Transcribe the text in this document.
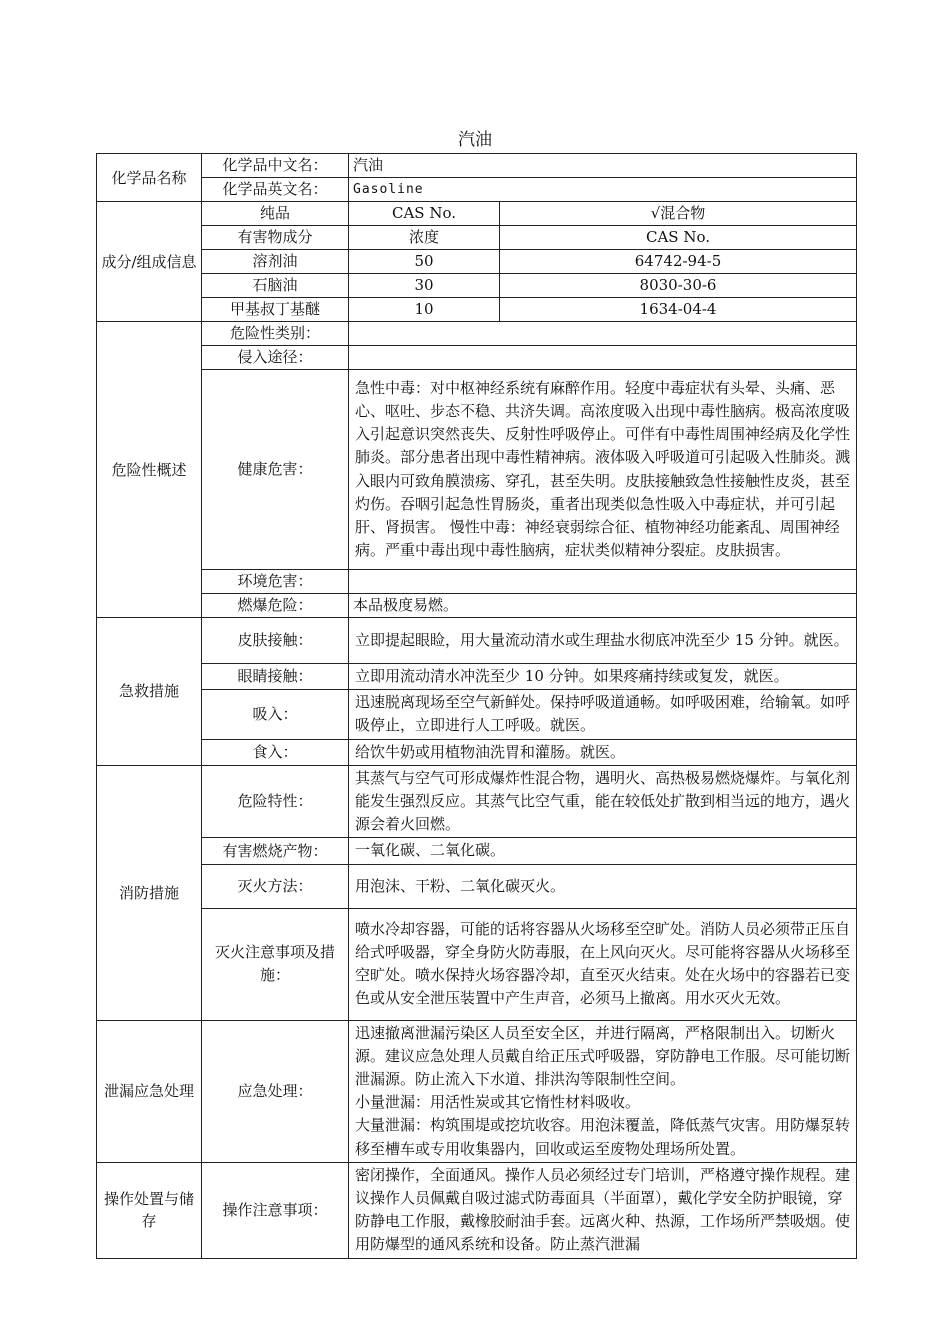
汽油
化学品名称	化学品中文名：	汽油	
	化学品英文名：	Gasoline	
成分/组成信息	纯品	CAS No.	√混合物
	有害物成分	浓度	CAS No.
	溶剂油	50	64742-94-5
	石脑油	30	8030-30-6
	甲基叔丁基醚	10	1634-04-4
危险性概述	危险性类别：		
	侵入途径：		
	健康危害：	急性中毒：对中枢神经系统有麻醉作用。轻度中毒症状有头晕、头痛、恶心、呕吐、步态不稳、共济失调。高浓度吸入出现中毒性脑病。极高浓度吸入引起意识突然丧失、反射性呼吸停止。可伴有中毒性周围神经病及化学性肺炎。部分患者出现中毒性精神病。液体吸入呼吸道可引起吸入性肺炎。溅入眼内可致角膜溃疡、穿孔，甚至失明。皮肤接触致急性接触性皮炎，甚至灼伤。吞咽引起急性胃肠炎，重者出现类似急性吸入中毒症状，并可引起肝、肾损害。 慢性中毒：神经衰弱综合征、植物神经功能紊乱、周围神经病。严重中毒出现中毒性脑病，症状类似精神分裂症。皮肤损害。	
	环境危害：		
	燃爆危险：	本品极度易燃。	
急救措施	皮肤接触：	立即提起眼睑，用大量流动清水或生理盐水彻底冲洗至少 15 分钟。就医。	
	眼睛接触：	立即用流动清水冲洗至少 10 分钟。如果疼痛持续或复发，就医。	
	吸入：	迅速脱离现场至空气新鲜处。保持呼吸道通畅。如呼吸困难，给输氧。如呼吸停止，立即进行人工呼吸。就医。	
	食入：	给饮牛奶或用植物油洗胃和灌肠。就医。	
消防措施	危险特性：	其蒸气与空气可形成爆炸性混合物，遇明火、高热极易燃烧爆炸。与氧化剂能发生强烈反应。其蒸气比空气重，能在较低处扩散到相当远的地方，遇火源会着火回燃。	
	有害燃烧产物：	一氧化碳、二氧化碳。	
	灭火方法：	用泡沫、干粉、二氧化碳灭火。	
	灭火注意事项及措施：	喷水冷却容器，可能的话将容器从火场移至空旷处。消防人员必须带正压自给式呼吸器，穿全身防火防毒服，在上风向灭火。尽可能将容器从火场移至空旷处。喷水保持火场容器冷却，直至灭火结束。处在火场中的容器若已变色或从安全泄压装置中产生声音，必须马上撤离。用水灭火无效。	
泄漏应急处理	应急处理：	迅速撤离泄漏污染区人员至安全区，并进行隔离，严格限制出入。切断火源。建议应急处理人员戴自给正压式呼吸器，穿防静电工作服。尽可能切断泄漏源。防止流入下水道、排洪沟等限制性空间。
小量泄漏：用活性炭或其它惰性材料吸收。
大量泄漏：构筑围堤或挖坑收容。用泡沫覆盖，降低蒸气灾害。用防爆泵转移至槽车或专用收集器内，回收或运至废物处理场所处置。	

操作处置与储存	操作注意事项：	密闭操作，全面通风。操作人员必须经过专门培训，严格遵守操作规程。建议操作人员佩戴自吸过滤式防毒面具（半面罩），戴化学安全防护眼镜，穿防静电工作服，戴橡胶耐油手套。远离火种、热源，工作场所严禁吸烟。使用防爆型的通风系统和设备。防止蒸汽泄漏	
